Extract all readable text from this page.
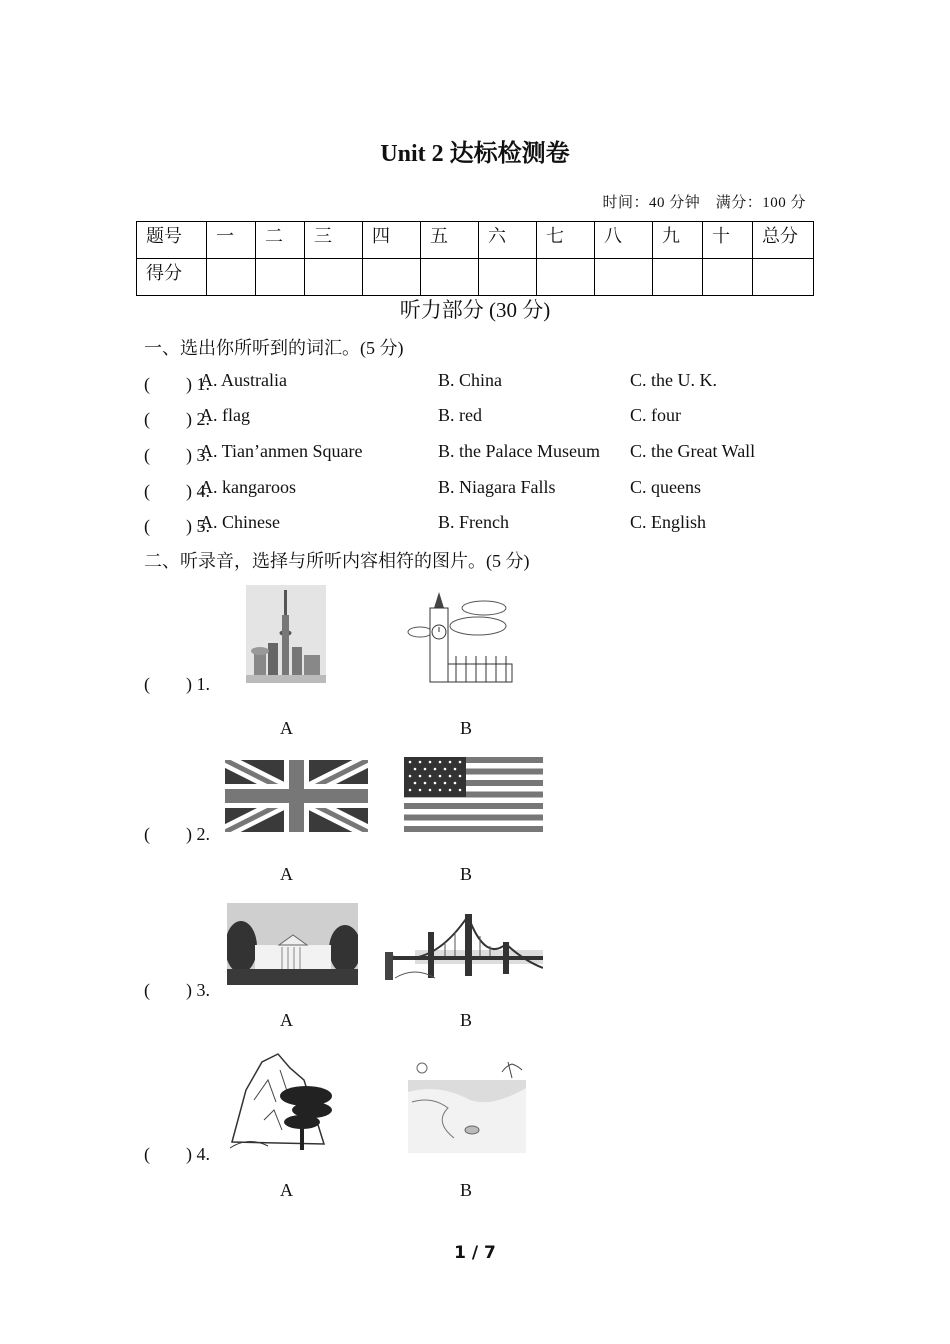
Unit 2 达标检测卷
时间：40 分钟　满分：100 分
题号	一	二	三	四	五	六	七	八	九	十	总分
得分											
听力部分 (30 分)
一、选出你所听到的词汇。(5 分)
(　　) 1.
A. Australia	B. China	C. the U. K.
(　　) 2.
A. flag	B. red	C. four
(　　) 3.
A. Tian’anmen Square	B. the Palace Museum C. the Great Wall
(　　) 4.
A. kangaroos	B. Niagara Falls	C. queens
(　　) 5.
A. Chinese	B. French	C. English
二、听录音，选择与所听内容相符的图片。(5 分)
(　　) 1.
A	B
(　　) 2.
A	B
(　　) 3.
A	B
(　　) 4.
A	B
1 / 7
